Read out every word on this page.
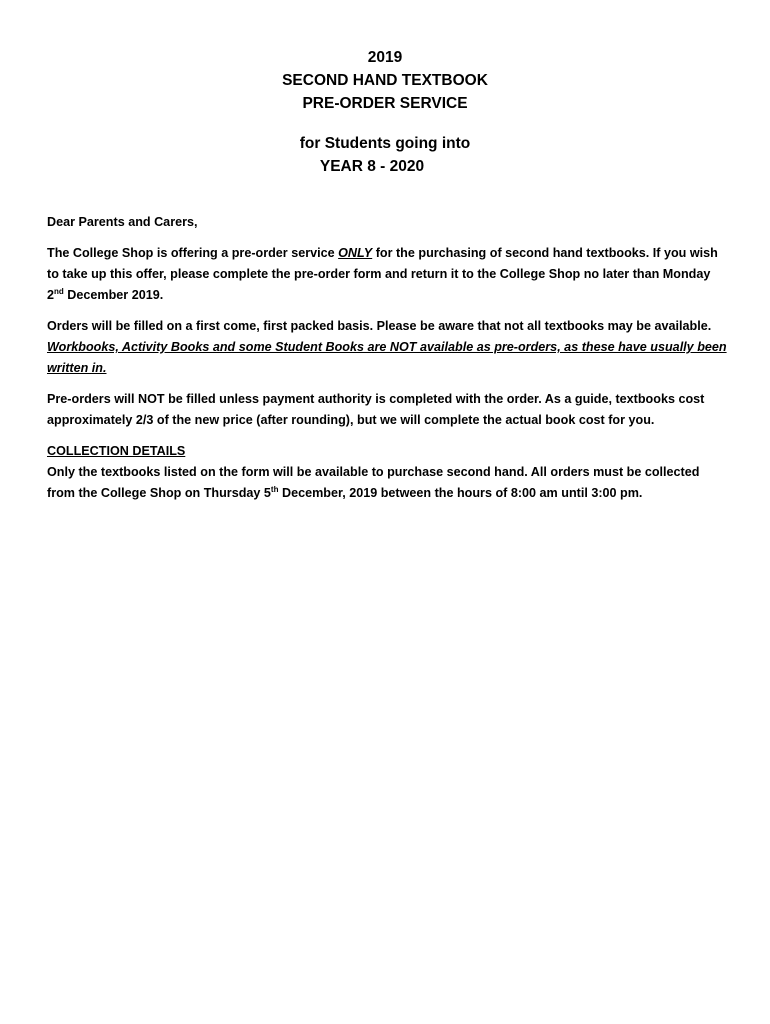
2019

SECOND HAND TEXTBOOK

PRE-ORDER SERVICE

for Students going into

YEAR 8 - 2020

Dear Parents and Carers,

The College Shop is offering a pre-order service ONLY for the purchasing of second hand textbooks. If you wish to take up this offer, please complete the pre-order form and return it to the College Shop no later than Monday 2nd December 2019.

Orders will be filled on a first come, first packed basis. Please be aware that not all textbooks may be available. Workbooks, Activity Books and some Student Books are NOT available as pre-orders, as these have usually been written in.

Pre-orders will NOT be filled unless payment authority is completed with the order. As a guide, textbooks cost approximately 2/3 of the new price (after rounding), but we will complete the actual book cost for you.

COLLECTION DETAILS

Only the textbooks listed on the form will be available to purchase second hand. All orders must be collected from the College Shop on Thursday 5th December, 2019 between the hours of 8:00 am until 3:00 pm.
